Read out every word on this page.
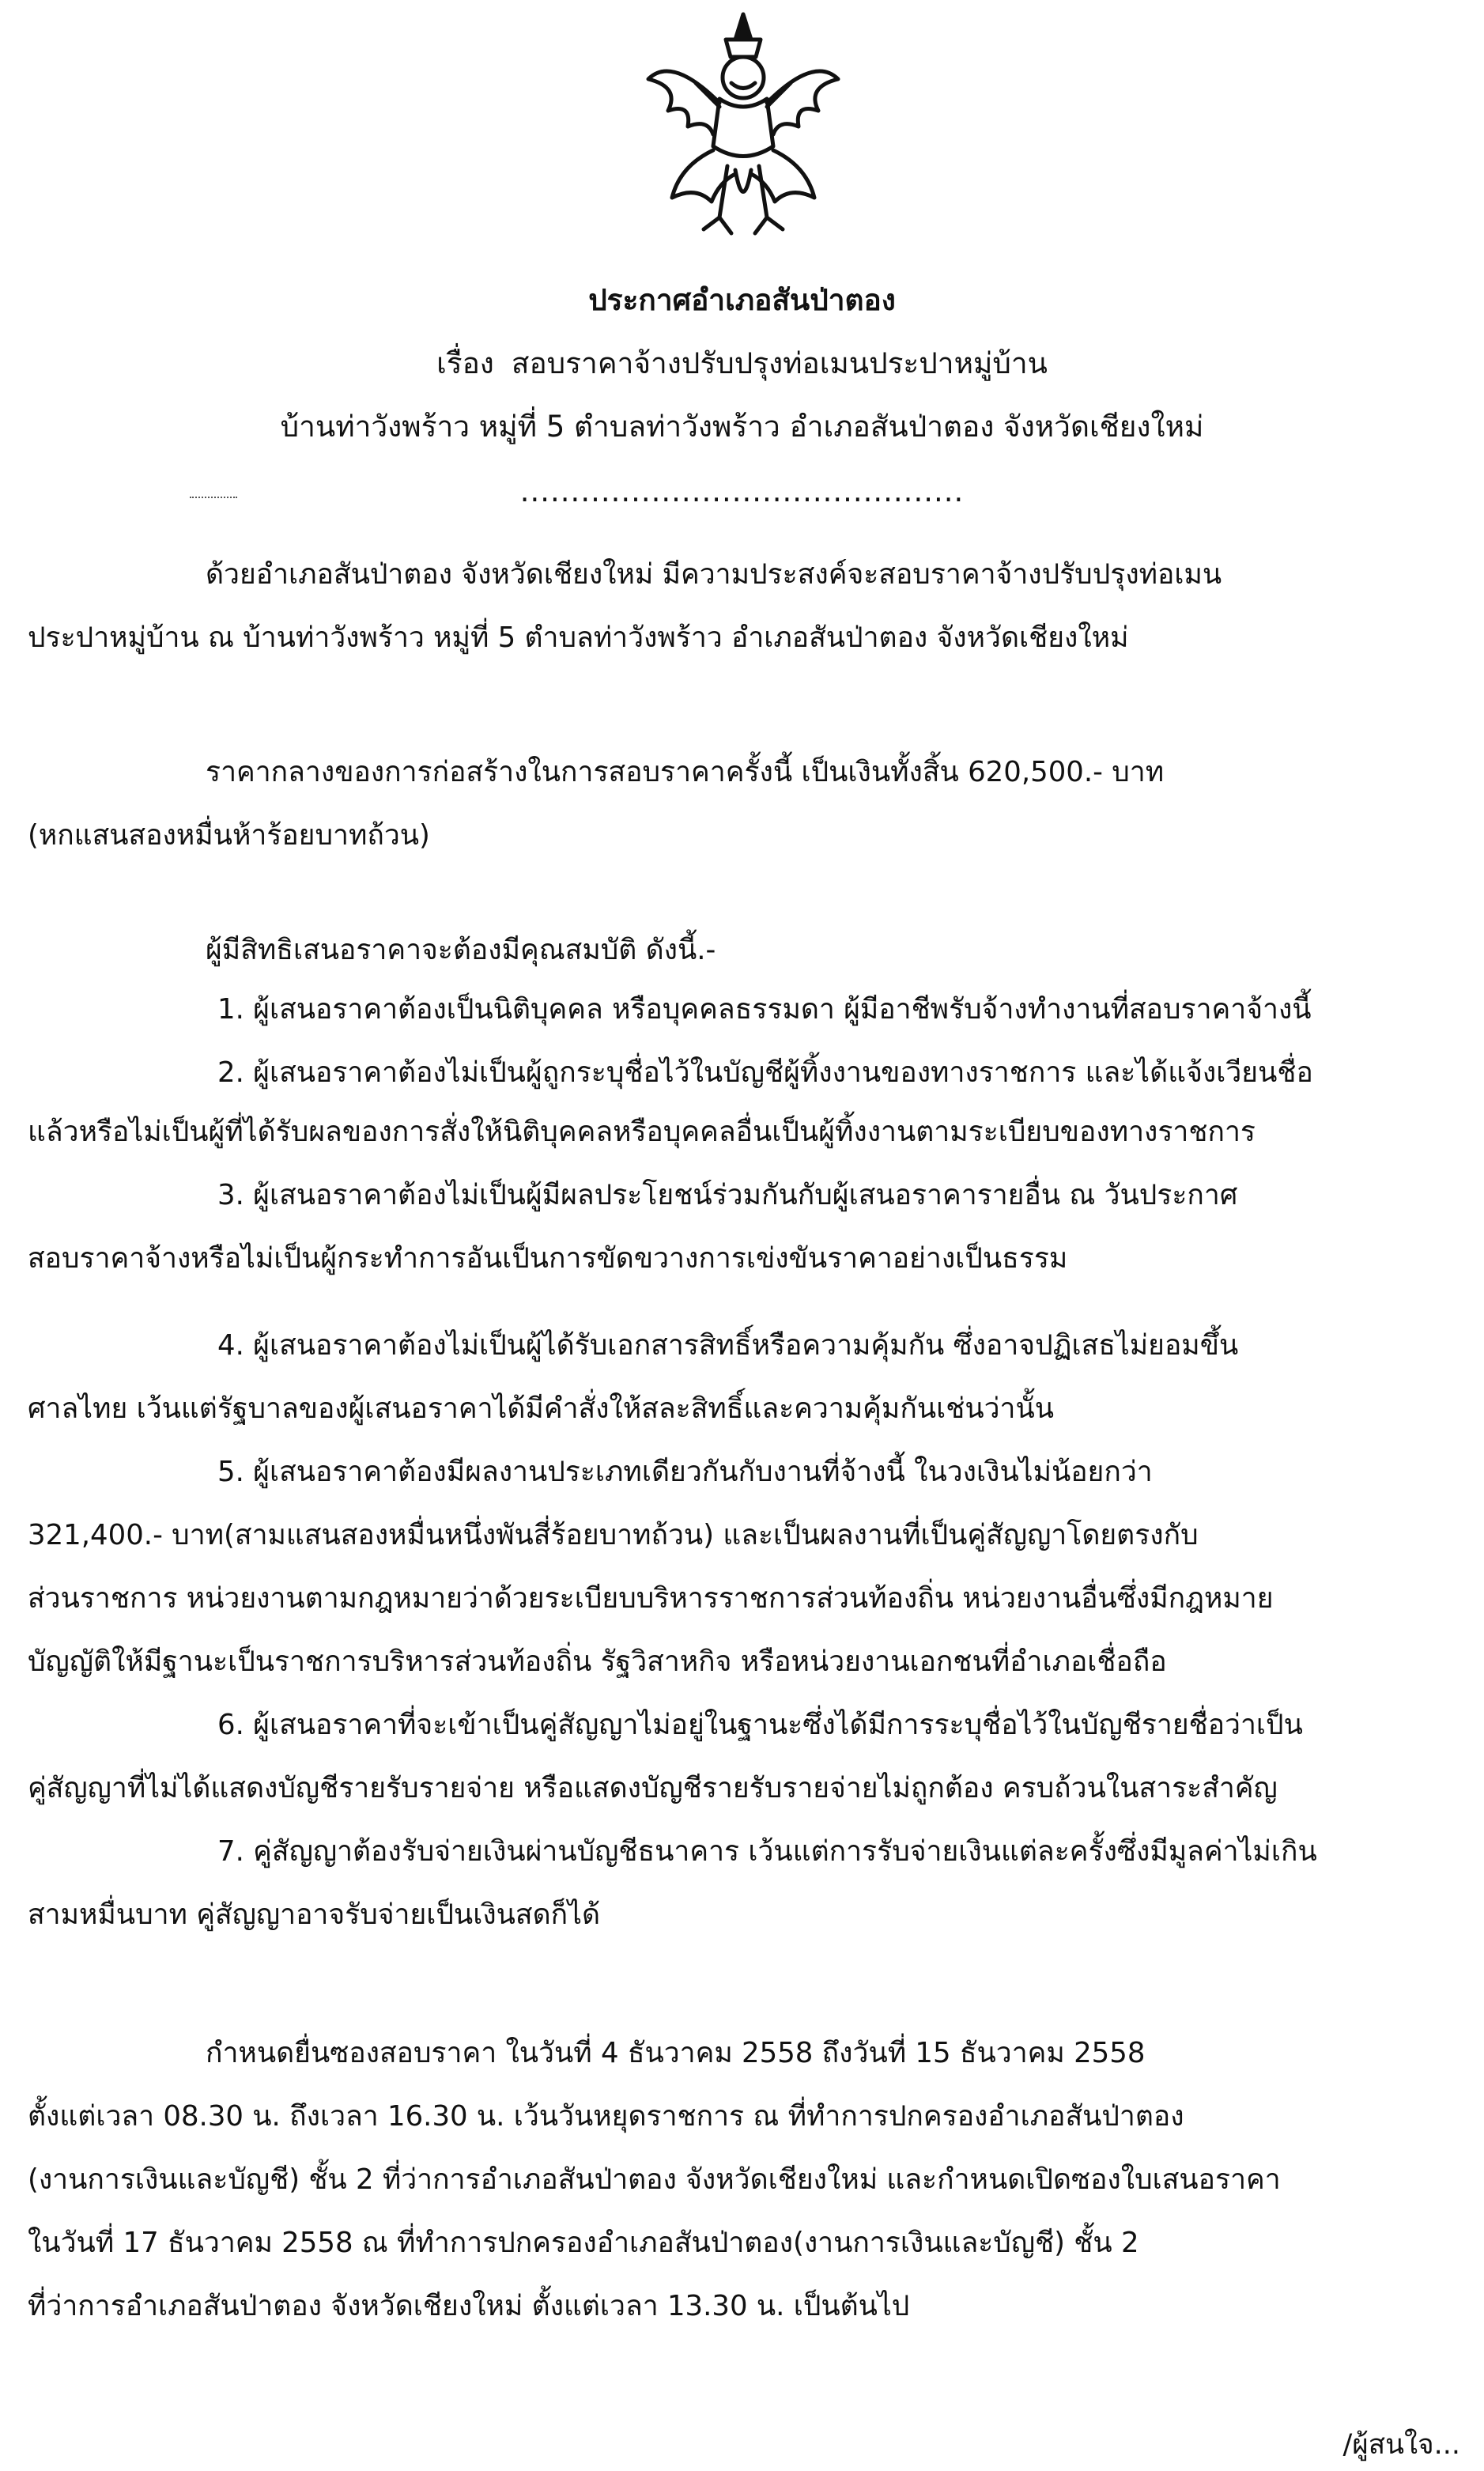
ประกาศอำเภอสันป่าตอง
เรื่อง สอบราคาจ้างปรับปรุงท่อเมนประปาหมู่บ้าน
บ้านท่าวังพร้าว หมู่ที่ 5 ตำบลท่าวังพร้าว อำเภอสันป่าตอง จังหวัดเชียงใหม่
............................................
ด้วยอำเภอสันป่าตอง จังหวัดเชียงใหม่ มีความประสงค์จะสอบราคาจ้างปรับปรุงท่อเมน
ประปาหมู่บ้าน ณ บ้านท่าวังพร้าว หมู่ที่ 5 ตำบลท่าวังพร้าว อำเภอสันป่าตอง จังหวัดเชียงใหม่
ราคากลางของการก่อสร้างในการสอบราคาครั้งนี้ เป็นเงินทั้งสิ้น 620,500.- บาท
(หกแสนสองหมื่นห้าร้อยบาทถ้วน)
ผู้มีสิทธิเสนอราคาจะต้องมีคุณสมบัติ ดังนี้.-
1. ผู้เสนอราคาต้องเป็นนิติบุคคล หรือบุคคลธรรมดา ผู้มีอาชีพรับจ้างทำงานที่สอบราคาจ้างนี้
2. ผู้เสนอราคาต้องไม่เป็นผู้ถูกระบุชื่อไว้ในบัญชีผู้ทิ้งงานของทางราชการ และได้แจ้งเวียนชื่อ
แล้วหรือไม่เป็นผู้ที่ได้รับผลของการสั่งให้นิติบุคคลหรือบุคคลอื่นเป็นผู้ทิ้งงานตามระเบียบของทางราชการ
3. ผู้เสนอราคาต้องไม่เป็นผู้มีผลประโยชน์ร่วมกันกับผู้เสนอราคารายอื่น ณ วันประกาศ
สอบราคาจ้างหรือไม่เป็นผู้กระทำการอันเป็นการขัดขวางการเข่งขันราคาอย่างเป็นธรรม
4. ผู้เสนอราคาต้องไม่เป็นผู้ได้รับเอกสารสิทธิ์หรือความคุ้มกัน ซึ่งอาจปฏิเสธไม่ยอมขึ้น
ศาลไทย เว้นแต่รัฐบาลของผู้เสนอราคาได้มีคำสั่งให้สละสิทธิ์และความคุ้มกันเช่นว่านั้น
5. ผู้เสนอราคาต้องมีผลงานประเภทเดียวกันกับงานที่จ้างนี้ ในวงเงินไม่น้อยกว่า
321,400.- บาท(สามแสนสองหมื่นหนึ่งพันสี่ร้อยบาทถ้วน) และเป็นผลงานที่เป็นคู่สัญญาโดยตรงกับ
ส่วนราชการ หน่วยงานตามกฎหมายว่าด้วยระเบียบบริหารราชการส่วนท้องถิ่น หน่วยงานอื่นซึ่งมีกฎหมาย
บัญญัติให้มีฐานะเป็นราชการบริหารส่วนท้องถิ่น รัฐวิสาหกิจ หรือหน่วยงานเอกชนที่อำเภอเชื่อถือ
6. ผู้เสนอราคาที่จะเข้าเป็นคู่สัญญาไม่อยู่ในฐานะซึ่งได้มีการระบุชื่อไว้ในบัญชีรายชื่อว่าเป็น
คู่สัญญาที่ไม่ได้แสดงบัญชีรายรับรายจ่าย หรือแสดงบัญชีรายรับรายจ่ายไม่ถูกต้อง ครบถ้วนในสาระสำคัญ
7. คู่สัญญาต้องรับจ่ายเงินผ่านบัญชีธนาคาร เว้นแต่การรับจ่ายเงินแต่ละครั้งซึ่งมีมูลค่าไม่เกิน
สามหมื่นบาท คู่สัญญาอาจรับจ่ายเป็นเงินสดก็ได้
กำหนดยื่นซองสอบราคา ในวันที่ 4 ธันวาคม 2558 ถึงวันที่ 15 ธันวาคม 2558
ตั้งแต่เวลา 08.30 น. ถึงเวลา 16.30 น. เว้นวันหยุดราชการ ณ ที่ทำการปกครองอำเภอสันป่าตอง
(งานการเงินและบัญชี) ชั้น 2 ที่ว่าการอำเภอสันป่าตอง จังหวัดเชียงใหม่ และกำหนดเปิดซองใบเสนอราคา
ในวันที่ 17 ธันวาคม 2558 ณ ที่ทำการปกครองอำเภอสันป่าตอง(งานการเงินและบัญชี) ชั้น 2
ที่ว่าการอำเภอสันป่าตอง จังหวัดเชียงใหม่ ตั้งแต่เวลา 13.30 น. เป็นต้นไป
/ผู้สนใจ...
